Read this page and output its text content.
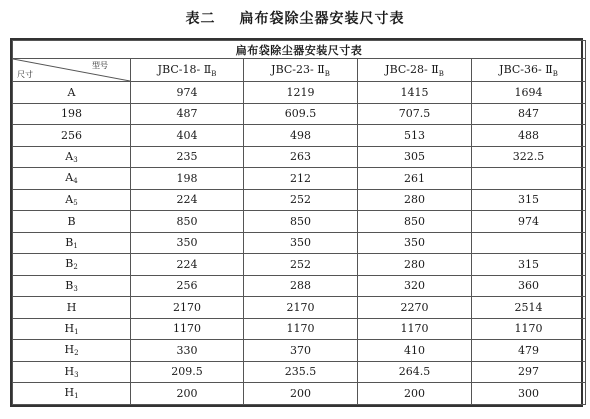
表二 扁布袋除尘器安装尺寸表
扁布袋除尘器安装尺寸表				

型号
尺寸	JBC-18- $Ⅱ_B$	JBC-23- $Ⅱ_B$	JBC-28- $Ⅱ_B$	JBC-36- $Ⅱ_B$
A	974	1219	1415	1694
198	487	609.5	707.5	847
256	404	498	513	488
$A_3$	235	263	305	322.5
$A_4$	198	212	261	
$A_5$	224	252	280	315
B	850	850	850	974
$B_1$	350	350	350	
$B_2$	224	252	280	315
$B_3$	256	288	320	360
H	2170	2170	2270	2514
$H_1$	1170	1170	1170	1170
$H_2$	330	370	410	479
$H_3$	209.5	235.5	264.5	297
$H_1$	200	200	200	300
